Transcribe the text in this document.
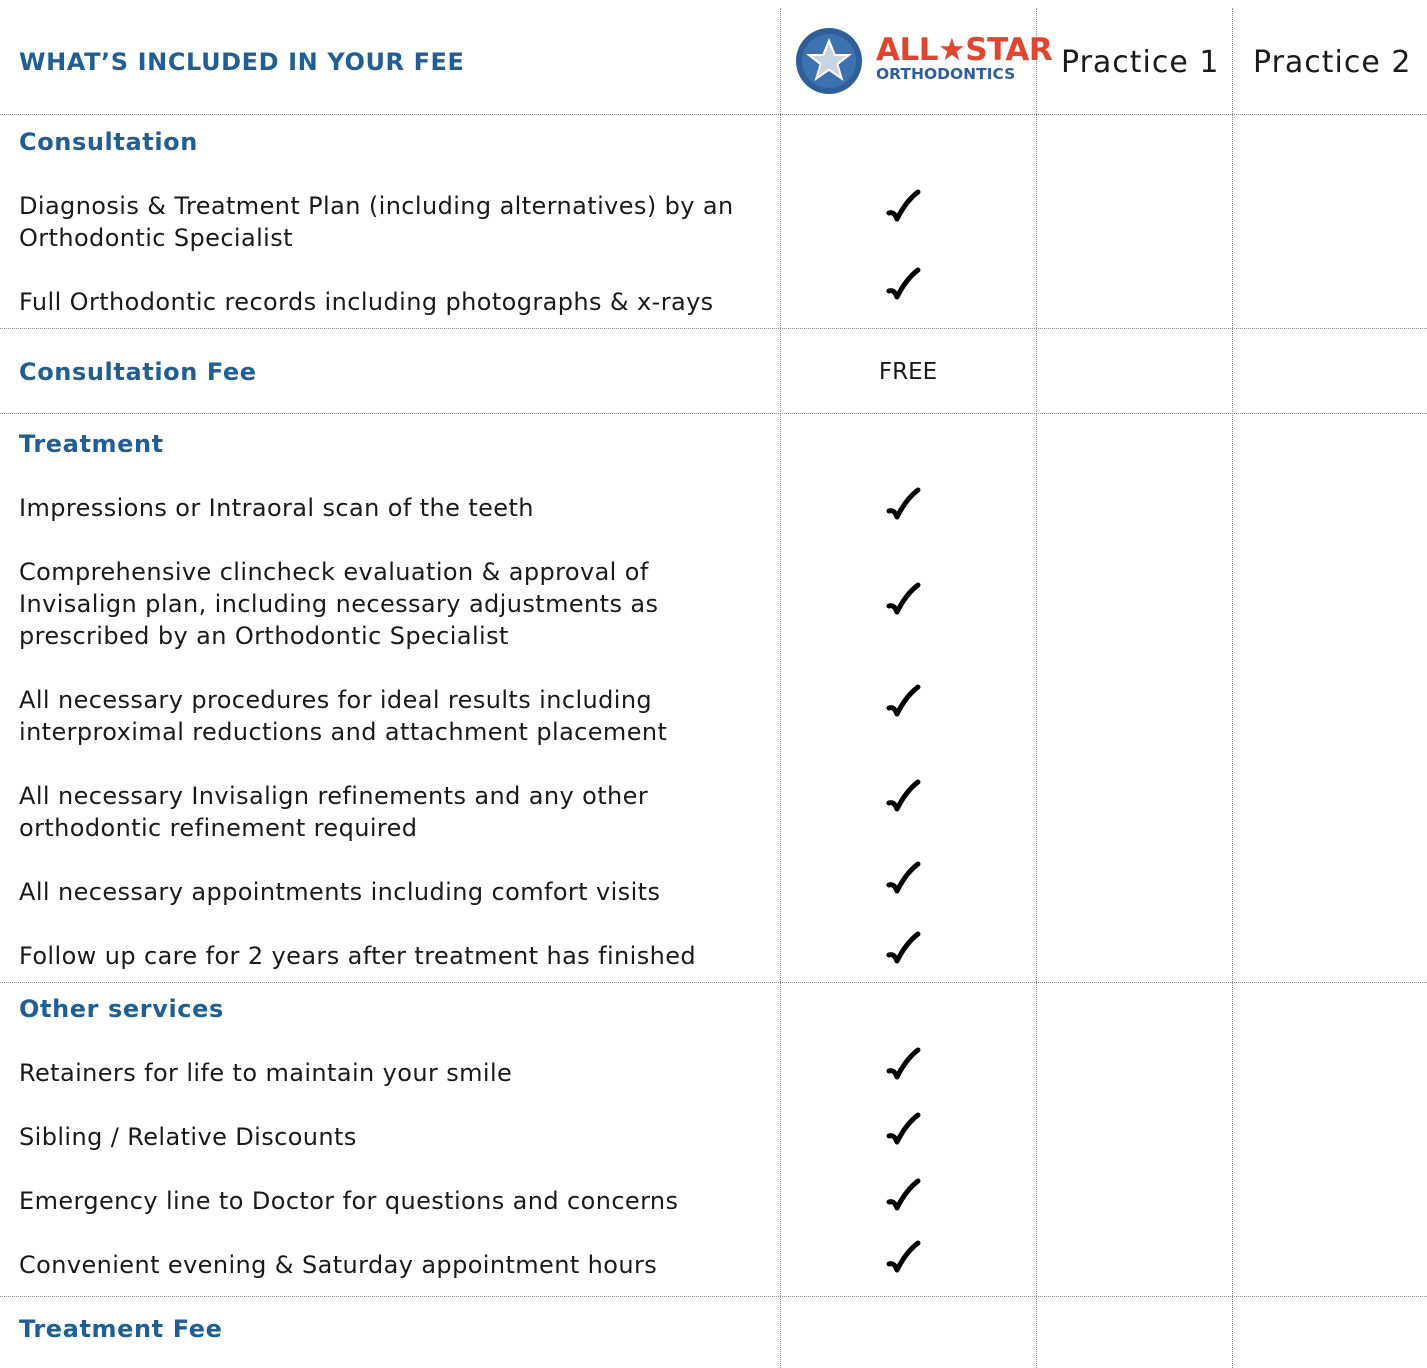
WHAT’S INCLUDED IN YOUR FEE	ALL★STAR
ORTHODONTICS Practice 1 Practice 2
Consultation
Diagnosis & Treatment Plan (including alternatives) by an
Orthodontic Specialist
Full Orthodontic records including photographs & x-rays
Consultation Fee	FREE
Treatment
Impressions or Intraoral scan of the teeth
Comprehensive clincheck evaluation & approval of
Invisalign plan, including necessary adjustments as
prescribed by an Orthodontic Specialist
All necessary procedures for ideal results including
interproximal reductions and attachment placement
All necessary Invisalign refinements and any other
orthodontic refinement required
All necessary appointments including comfort visits
Follow up care for 2 years after treatment has finished
Other services
Retainers for life to maintain your smile
Sibling / Relative Discounts
Emergency line to Doctor for questions and concerns
Convenient evening & Saturday appointment hours
Treatment Fee
